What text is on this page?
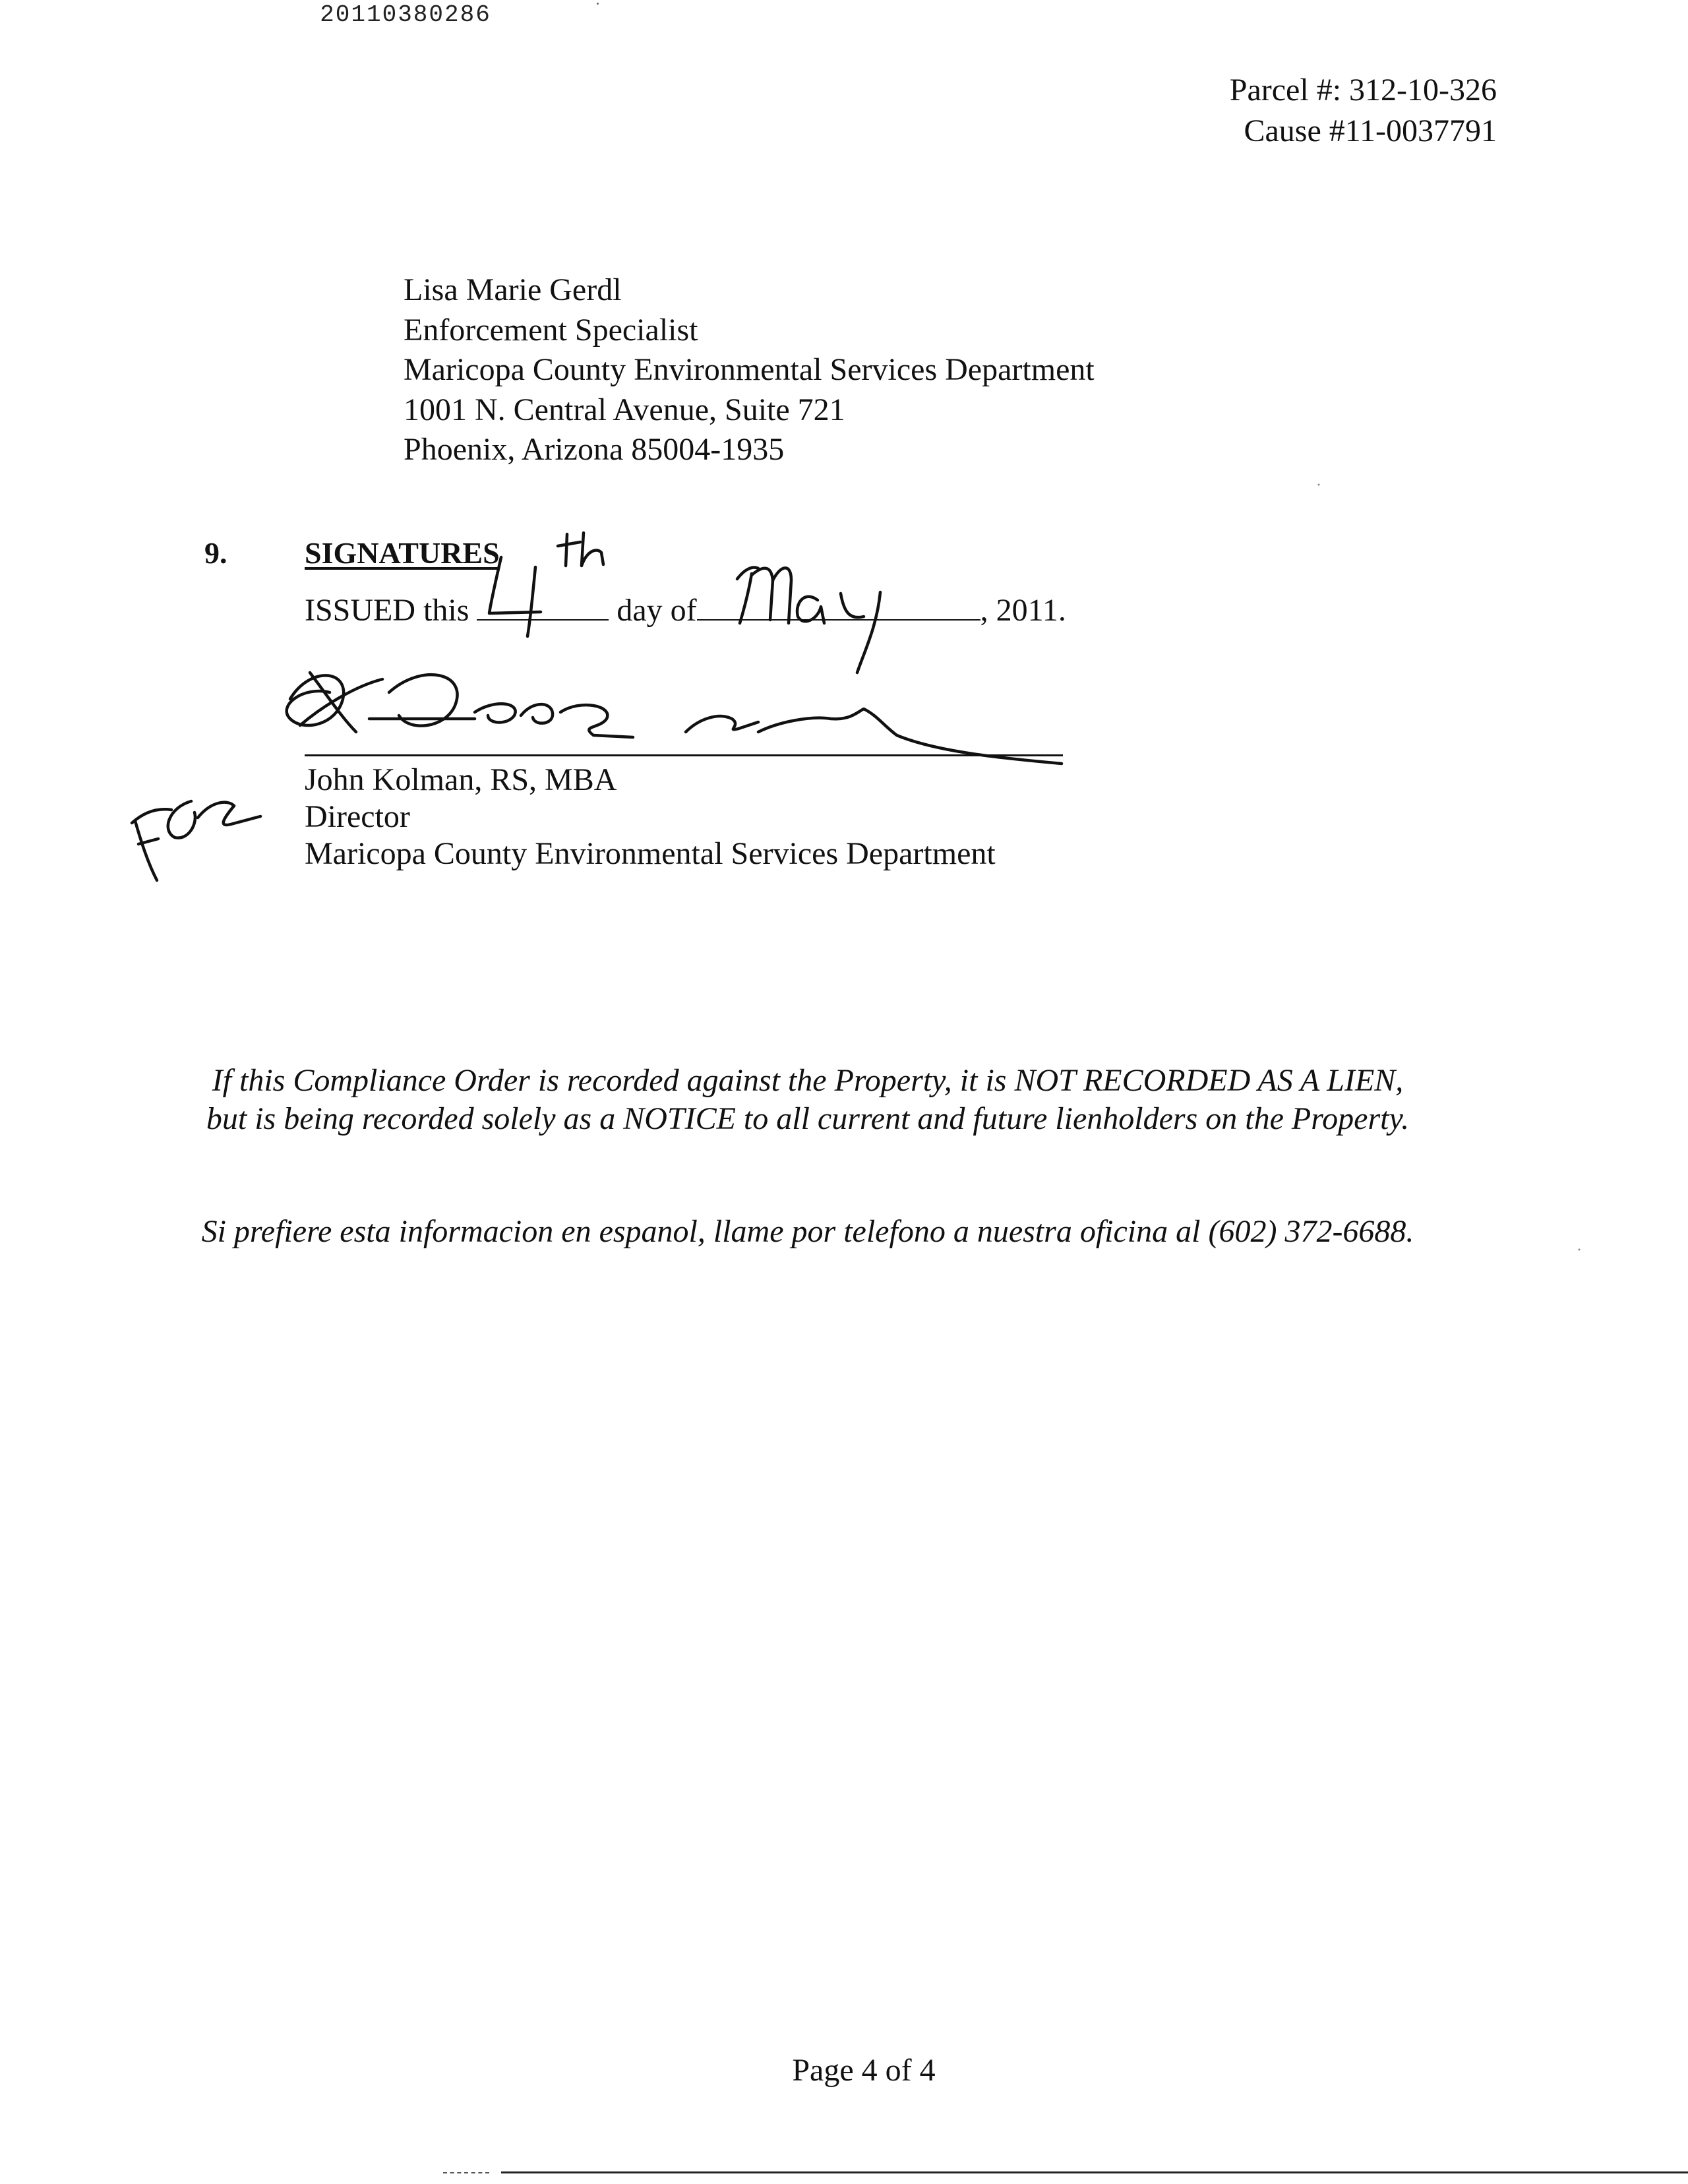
20110380286
Parcel #: 312-10-326
Cause #11-0037791
Lisa Marie Gerdl
Enforcement Specialist
Maricopa County Environmental Services Department
1001 N. Central Avenue, Suite 721
Phoenix, Arizona 85004-1935
9.	SIGNATURES
ISSUED this	day of	, 2011.
John Kolman, RS, MBA
Director
Maricopa County Environmental Services Department
If this Compliance Order is recorded against the Property, it is NOT RECORDED AS A LIEN,
but is being recorded solely as a NOTICE to all current and future lienholders on the Property.
Si prefiere esta informacion en espanol, llame por telefono a nuestra oficina al (602) 372-6688.
Page 4 of 4
